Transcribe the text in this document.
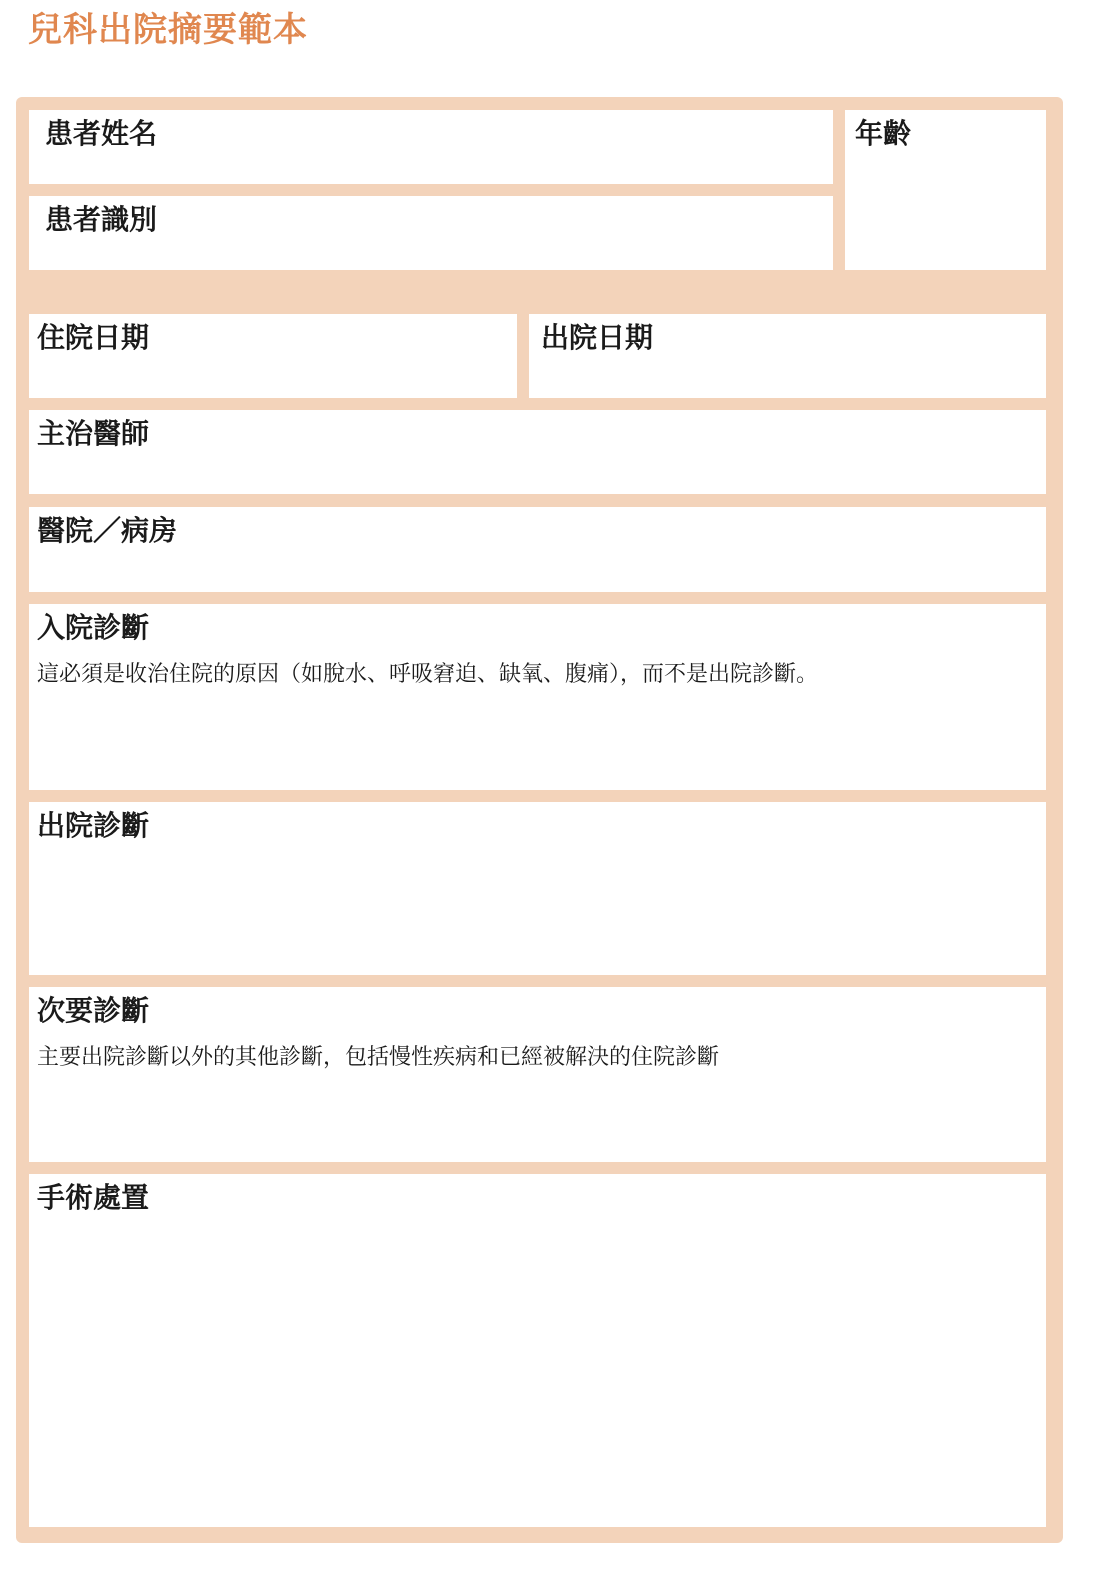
兒科出院摘要範本
患者姓名
患者識別
年齡
住院日期	出院日期
主治醫師
醫院／病房
入院診斷
這必須是收治住院的原因（如脫水、呼吸窘迫、缺氧、腹痛），而不是出院診斷。
出院診斷
次要診斷
主要出院診斷以外的其他診斷，包括慢性疾病和已經被解決的住院診斷
手術處置
